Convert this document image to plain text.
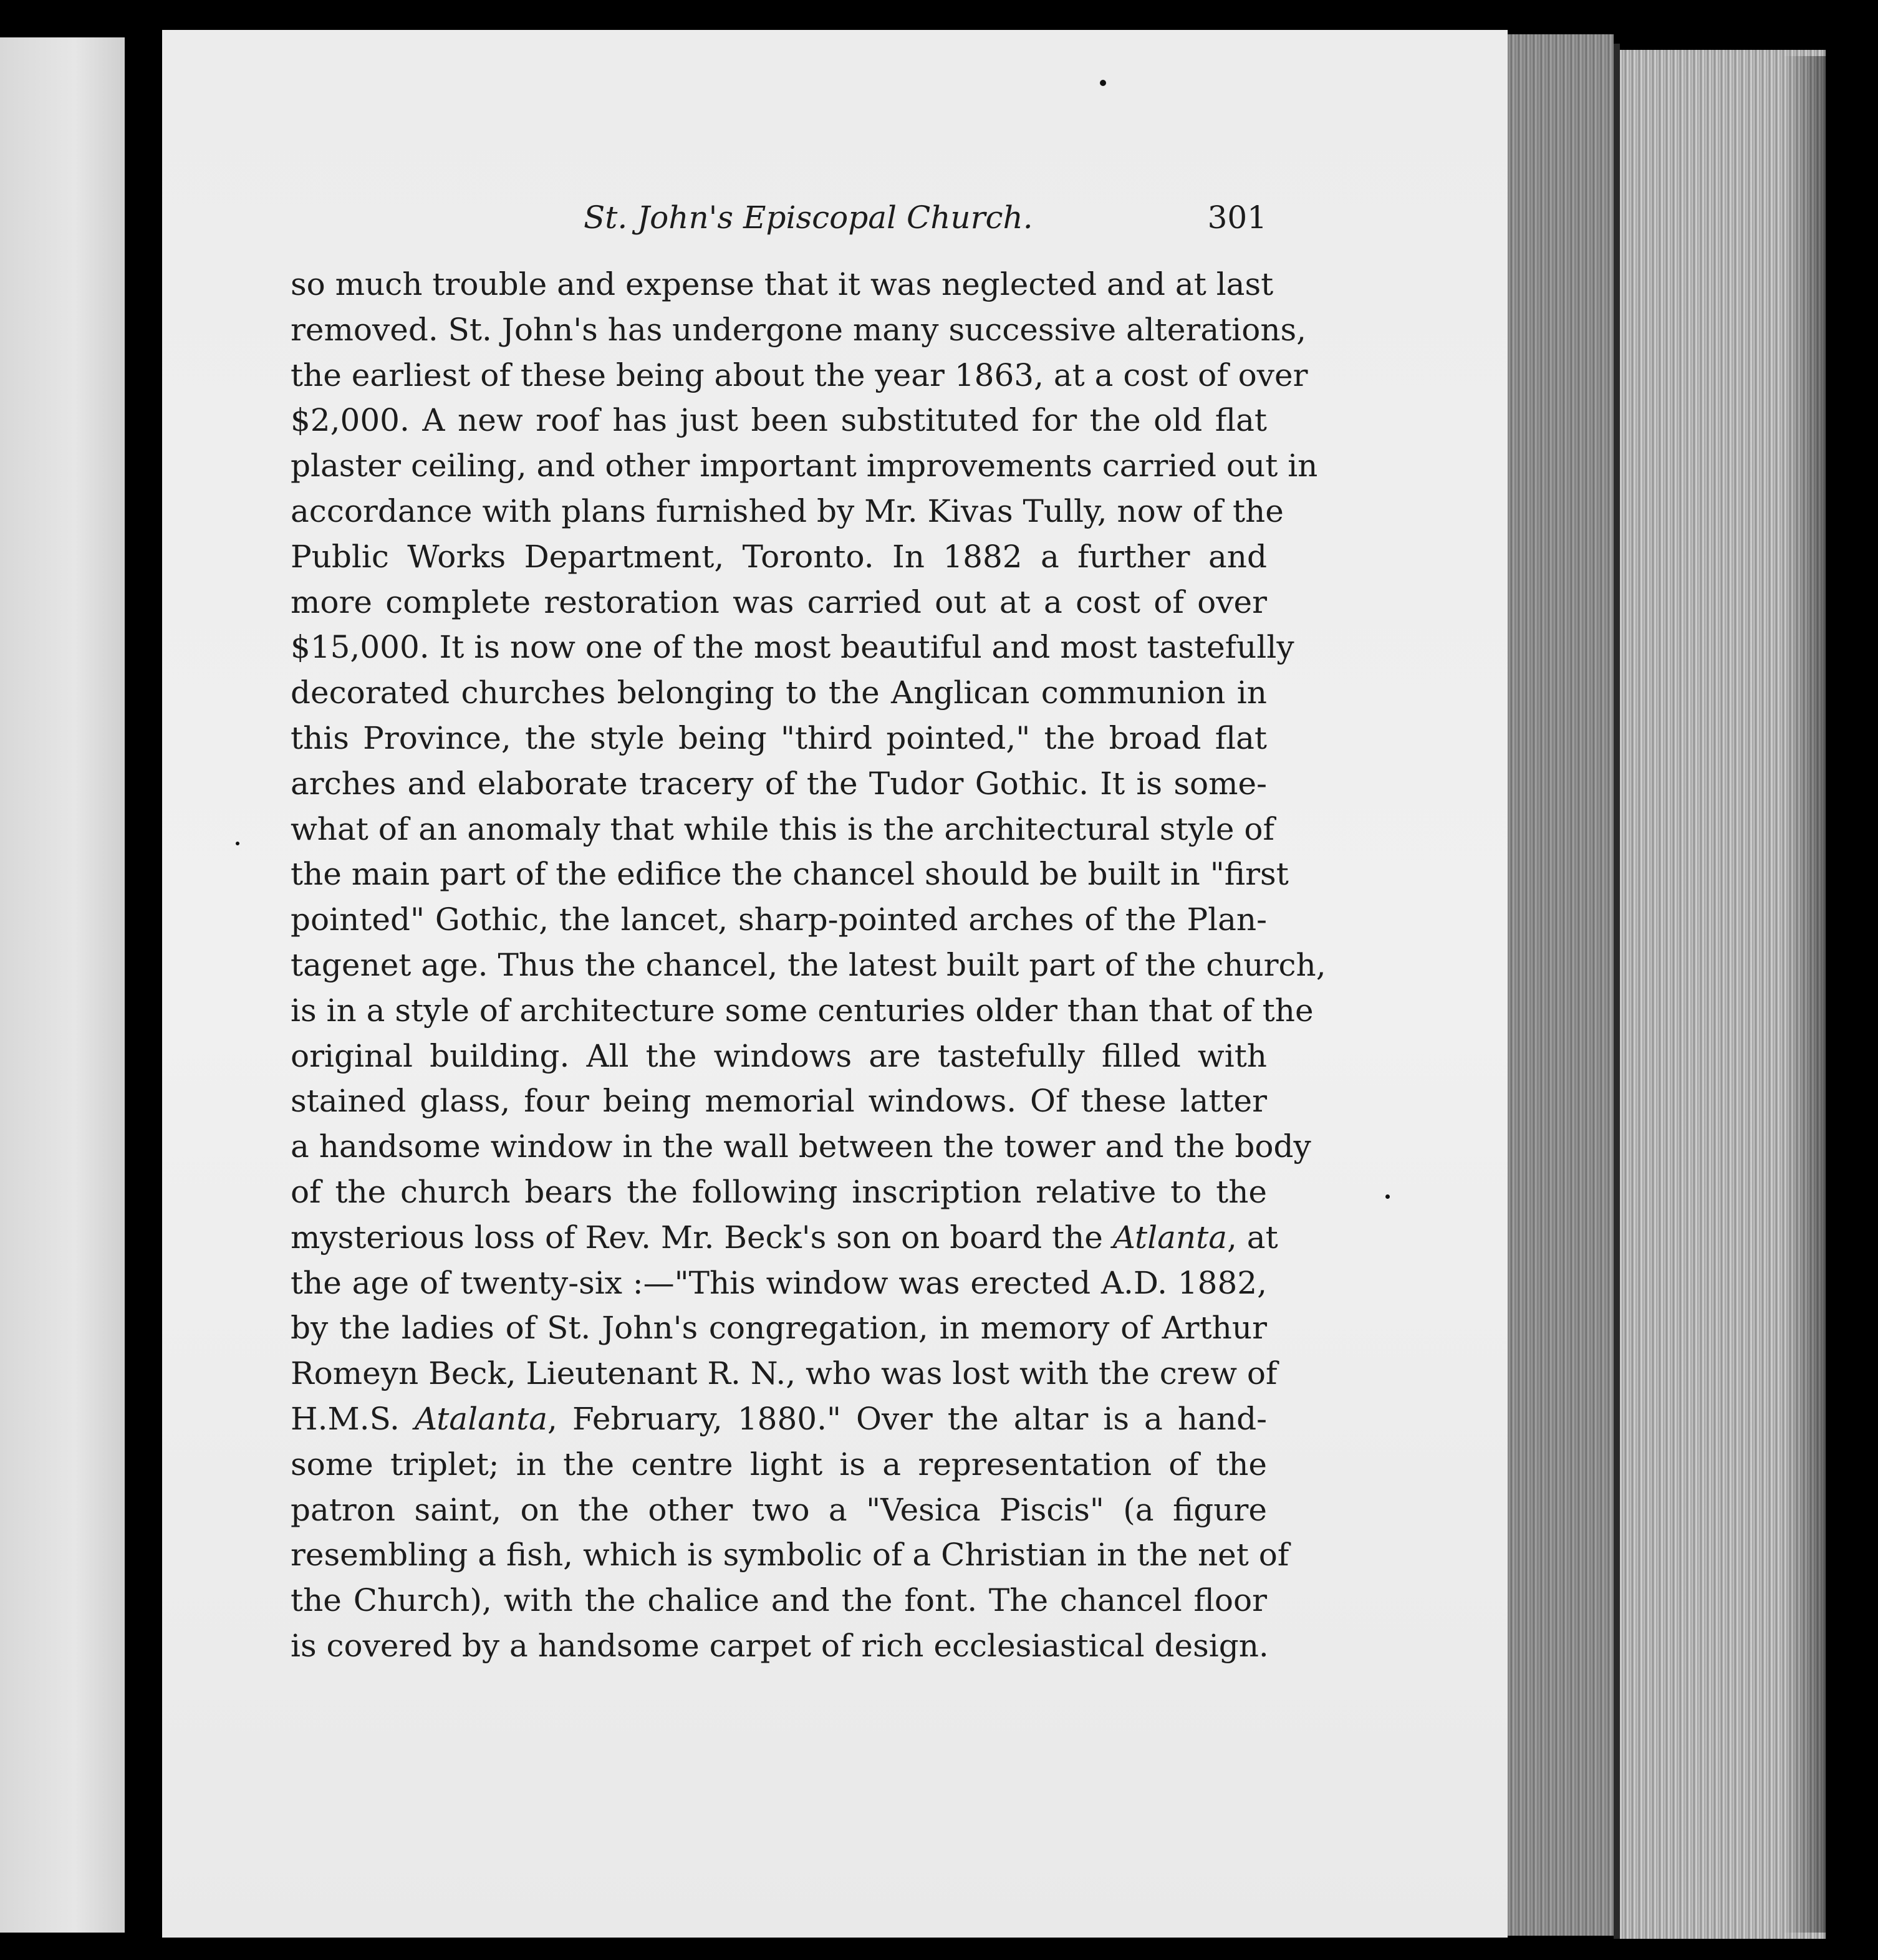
St. John's Episcopal Church.	301
so much trouble and expense that it was neglected and at last
removed. St. John's has undergone many successive alterations,
the earliest of these being about the year 1863, at a cost of over
$2,000. A new roof has just been substituted for the old flat
plaster ceiling, and other important improvements carried out in
accordance with plans furnished by Mr. Kivas Tully, now of the
Public Works Department, Toronto. In 1882 a further and
more complete restoration was carried out at a cost of over
$15,000. It is now one of the most beautiful and most tastefully
decorated churches belonging to the Anglican communion in
this Province, the style being "third pointed," the broad flat
arches and elaborate tracery of the Tudor Gothic. It is some-
what of an anomaly that while this is the architectural style of
the main part of the edifice the chancel should be built in "first
pointed" Gothic, the lancet, sharp-pointed arches of the Plan-
tagenet age. Thus the chancel, the latest built part of the church,
is in a style of architecture some centuries older than that of the
original building. All the windows are tastefully filled with
stained glass, four being memorial windows. Of these latter
a handsome window in the wall between the tower and the body
of the church bears the following inscription relative to the
mysterious loss of Rev. Mr. Beck's son on board the Atlanta, at
the age of twenty-six :—"This window was erected A.D. 1882,
by the ladies of St. John's congregation, in memory of Arthur
Romeyn Beck, Lieutenant R. N., who was lost with the crew of
H.M.S. Atalanta, February, 1880." Over the altar is a hand-
some triplet; in the centre light is a representation of the
patron saint, on the other two a "Vesica Piscis" (a figure
resembling a fish, which is symbolic of a Christian in the net of
the Church), with the chalice and the font. The chancel floor
is covered by a handsome carpet of rich ecclesiastical design.
